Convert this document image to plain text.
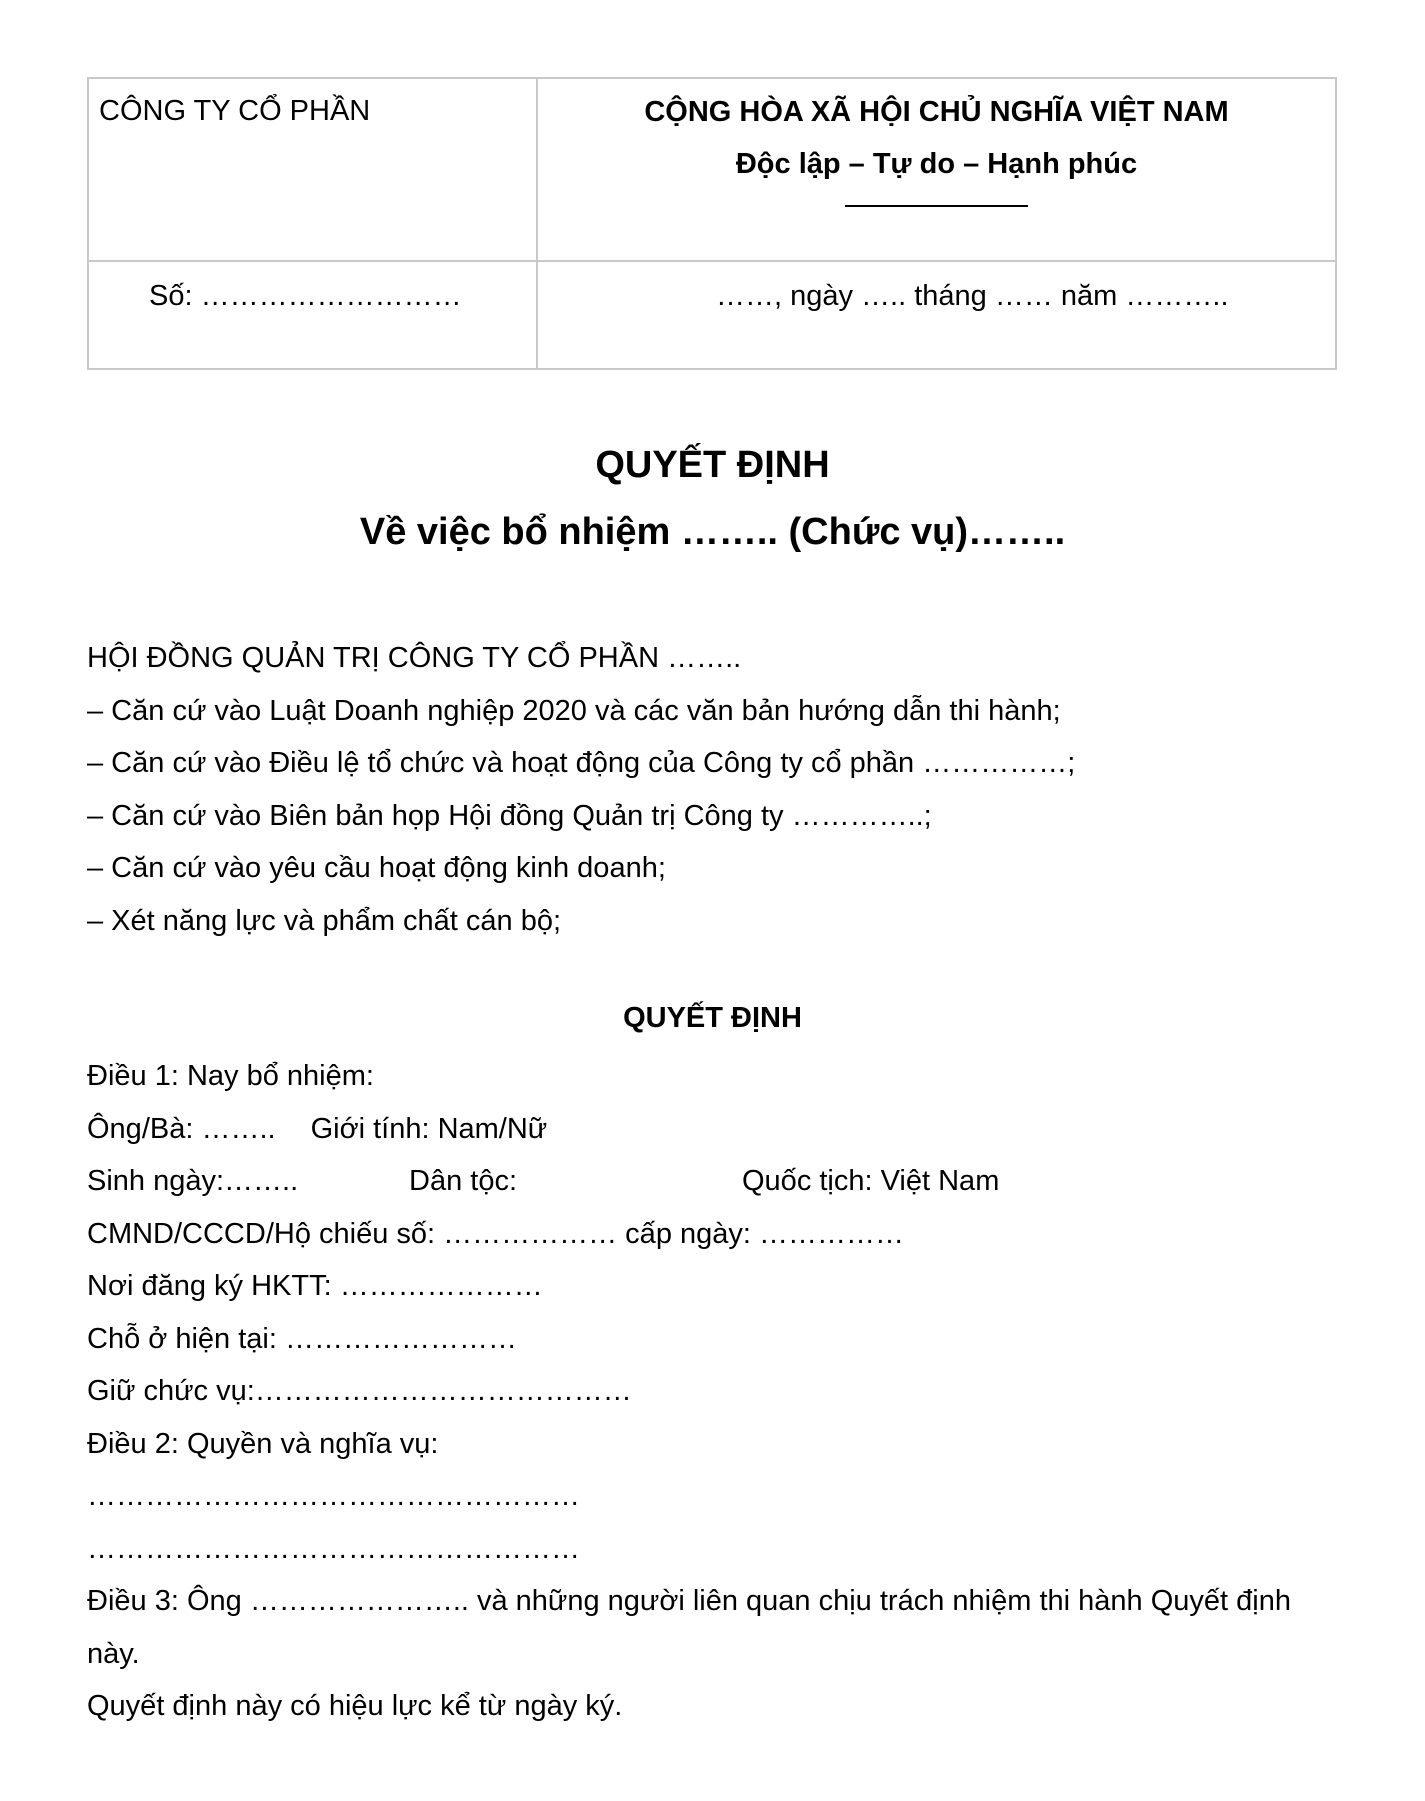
CÔNG TY CỔ PHẦN	CỘNG HÒA XÃ HỘI CHỦ NGHĨA VIỆT NAM
Độc lập – Tự do – Hạnh phúc

Số: ………………………	……, ngày ….. tháng …… năm ………..
QUYẾT ĐỊNH
Về việc bổ nhiệm …….. (Chức vụ)……..
HỘI ĐỒNG QUẢN TRỊ CÔNG TY CỔ PHẦN ……..
– Căn cứ vào Luật Doanh nghiệp 2020 và các văn bản hướng dẫn thi hành;
– Căn cứ vào Điều lệ tổ chức và hoạt động của Công ty cổ phần ……………;
– Căn cứ vào Biên bản họp Hội đồng Quản trị Công ty …………..;
– Căn cứ vào yêu cầu hoạt động kinh doanh;
– Xét năng lực và phẩm chất cán bộ;
QUYẾT ĐỊNH
Điều 1: Nay bổ nhiệm:
Ông/Bà: …….. Giới tính: Nam/Nữ
Sinh ngày:……..	Dân tộc:	Quốc tịch: Việt Nam
CMND/CCCD/Hộ chiếu số: ……………… cấp ngày: ……………
Nơi đăng ký HKTT: …………………
Chỗ ở hiện tại: ……………………
Giữ chức vụ:…………………………………
Điều 2: Quyền và nghĩa vụ:
……………………………………………
……………………………………………
Điều 3: Ông ………………….. và những người liên quan chịu trách nhiệm thi hành Quyết định này.
Quyết định này có hiệu lực kể từ ngày ký.
